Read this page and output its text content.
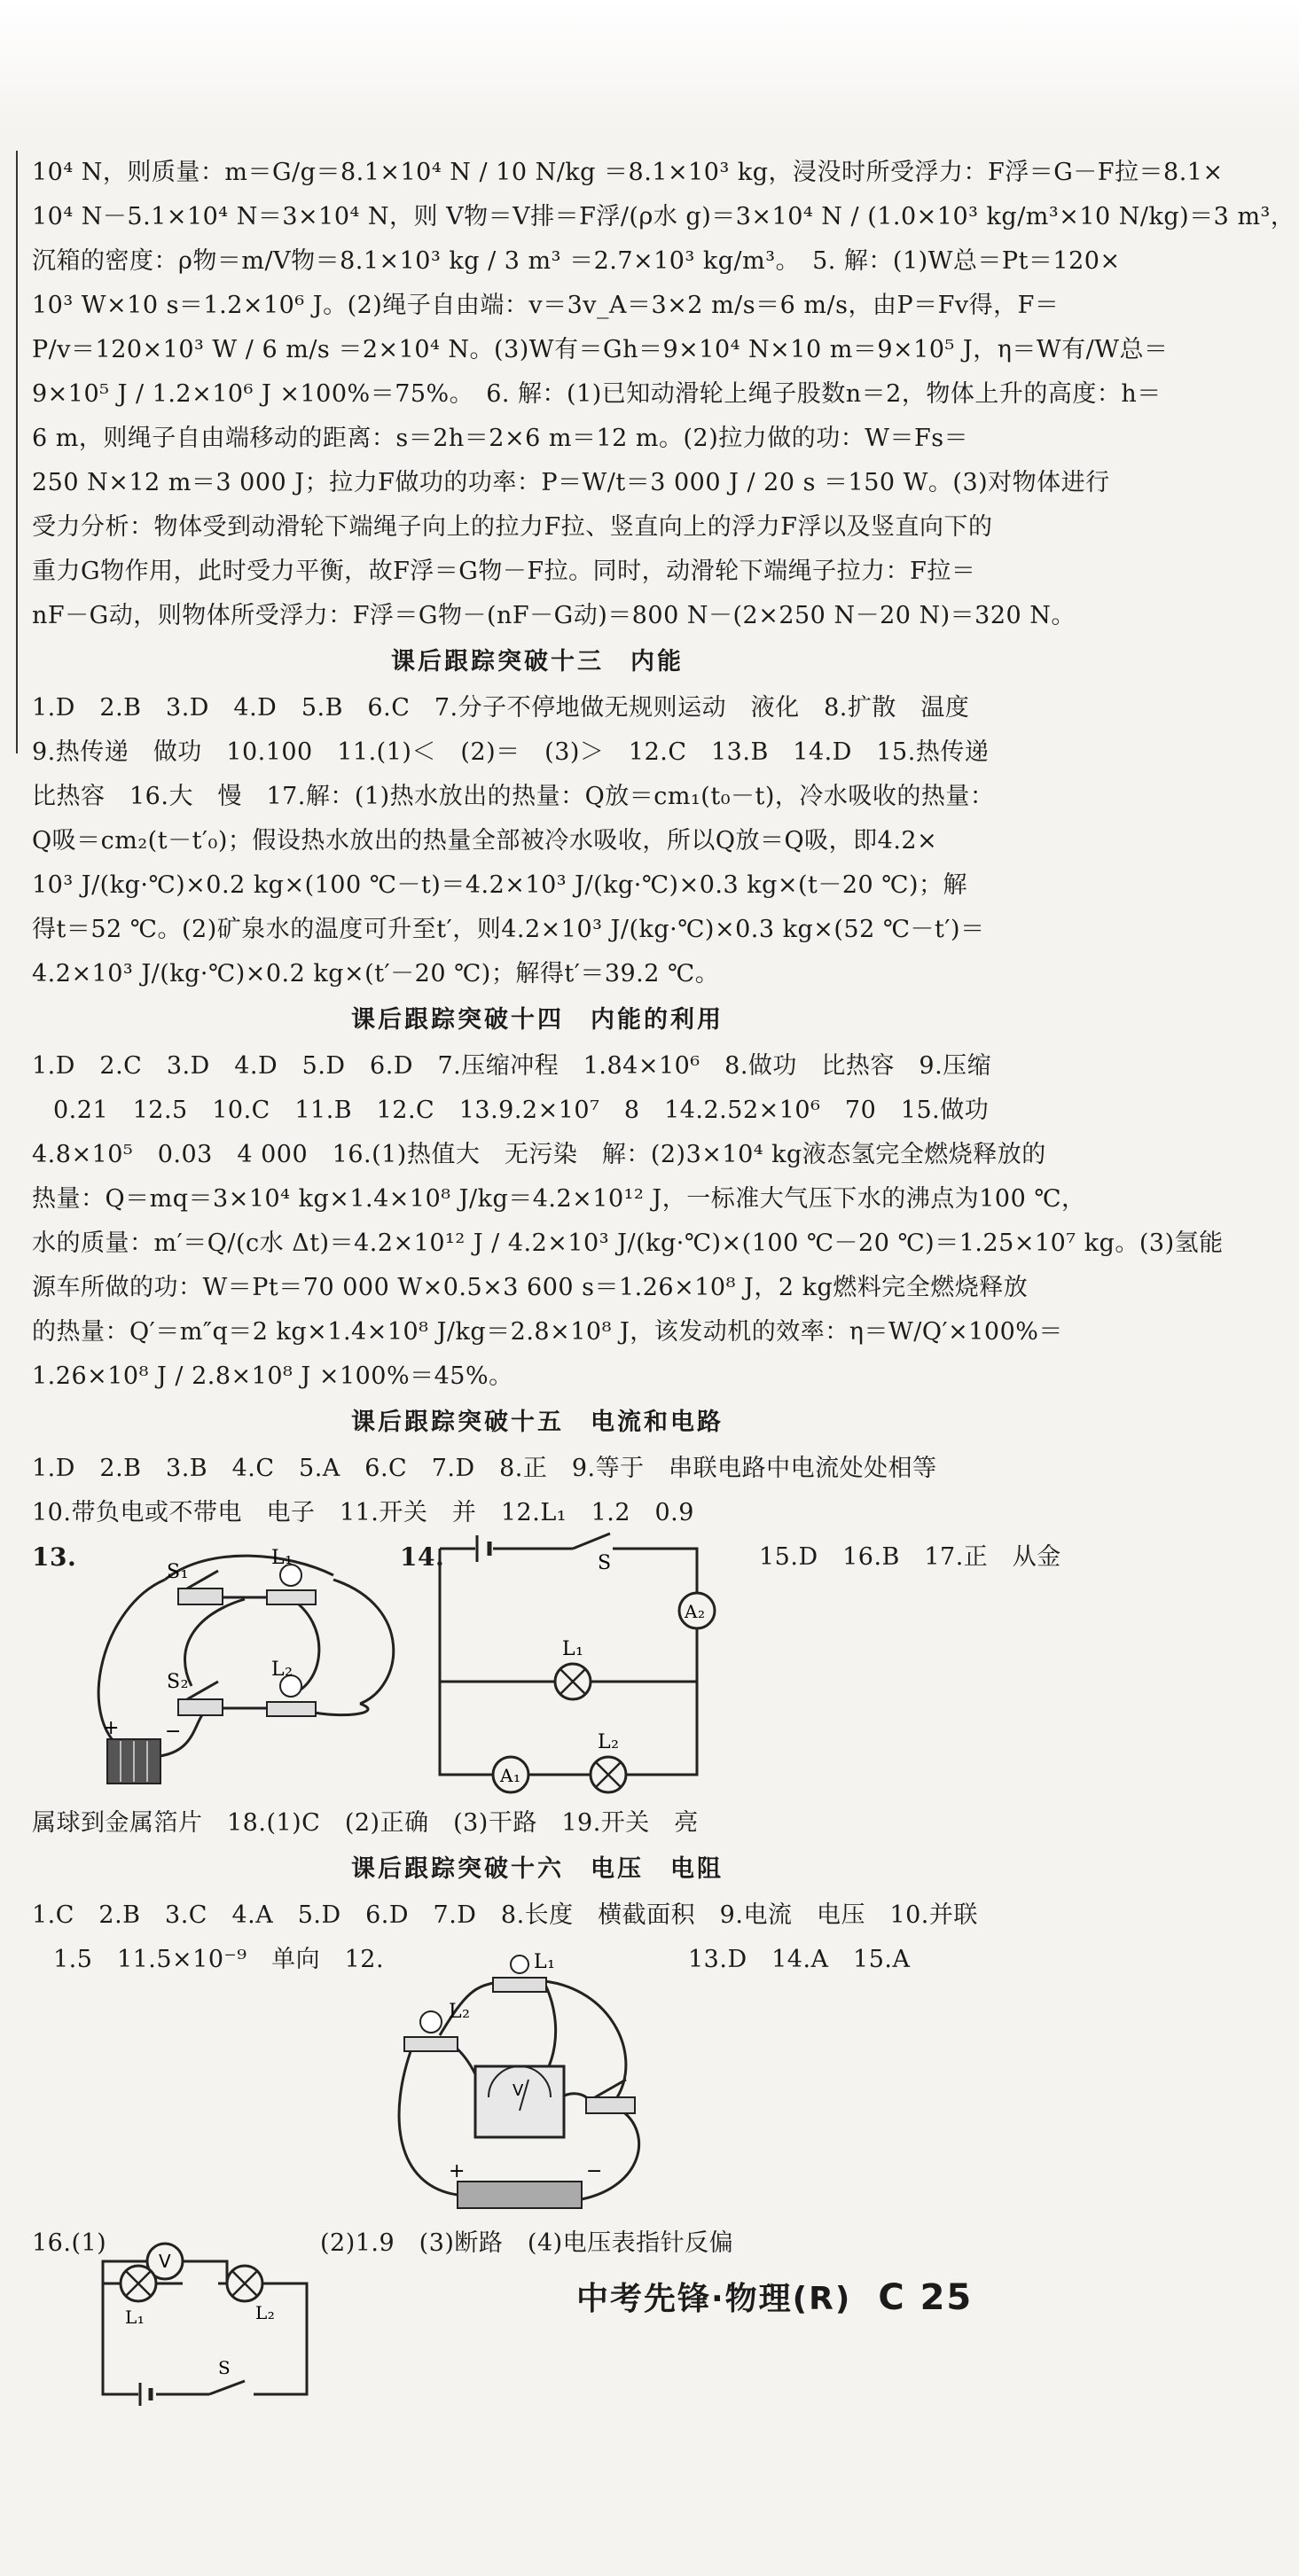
10⁴ N，则质量：m＝G/g＝8.1×10⁴ N / 10 N/kg ＝8.1×10³ kg，浸没时所受浮力：F浮＝G－F拉＝8.1×
10⁴ N－5.1×10⁴ N＝3×10⁴ N，则 V物＝V排＝F浮/(ρ水 g)＝3×10⁴ N / (1.0×10³ kg/m³×10 N/kg)＝3 m³，
沉箱的密度：ρ物＝m/V物＝8.1×10³ kg / 3 m³ ＝2.7×10³ kg/m³。　5. 解：(1)W总＝Pt＝120×
10³ W×10 s＝1.2×10⁶ J。(2)绳子自由端：v＝3v_A＝3×2 m/s＝6 m/s，由P＝Fv得，F＝
P/v＝120×10³ W / 6 m/s ＝2×10⁴ N。(3)W有＝Gh＝9×10⁴ N×10 m＝9×10⁵ J，η＝W有/W总＝
9×10⁵ J / 1.2×10⁶ J ×100%＝75%。　6. 解：(1)已知动滑轮上绳子股数n＝2，物体上升的高度：h＝
6 m，则绳子自由端移动的距离：s＝2h＝2×6 m＝12 m。(2)拉力做的功：W＝Fs＝
250 N×12 m＝3 000 J；拉力F做功的功率：P＝W/t＝3 000 J / 20 s ＝150 W。(3)对物体进行
受力分析：物体受到动滑轮下端绳子向上的拉力F拉、竖直向上的浮力F浮以及竖直向下的
重力G物作用，此时受力平衡，故F浮＝G物－F拉。同时，动滑轮下端绳子拉力：F拉＝
nF－G动，则物体所受浮力：F浮＝G物－(nF－G动)＝800 N－(2×250 N－20 N)＝320 N。
课后跟踪突破十三　内能
1.D　2.B　3.D　4.D　5.B　6.C　7.分子不停地做无规则运动　液化　8.扩散　温度
9.热传递　做功　10.100　11.(1)＜　(2)＝　(3)＞　12.C　13.B　14.D　15.热传递
比热容　16.大　慢　17.解：(1)热水放出的热量：Q放＝cm₁(t₀－t)，冷水吸收的热量：
Q吸＝cm₂(t－t′₀)；假设热水放出的热量全部被冷水吸收，所以Q放＝Q吸，即4.2×
10³ J/(kg·℃)×0.2 kg×(100 ℃－t)＝4.2×10³ J/(kg·℃)×0.3 kg×(t－20 ℃)；解
得t＝52 ℃。(2)矿泉水的温度可升至t′，则4.2×10³ J/(kg·℃)×0.3 kg×(52 ℃－t′)＝
4.2×10³ J/(kg·℃)×0.2 kg×(t′－20 ℃)；解得t′＝39.2 ℃。
课后跟踪突破十四　内能的利用
1.D　2.C　3.D　4.D　5.D　6.D　7.压缩冲程　1.84×10⁶　8.做功　比热容　9.压缩
0.21　12.5　10.C　11.B　12.C　13.9.2×10⁷　8　14.2.52×10⁶　70　15.做功
4.8×10⁵　0.03　4 000　16.(1)热值大　无污染　解：(2)3×10⁴ kg液态氢完全燃烧释放的
热量：Q＝mq＝3×10⁴ kg×1.4×10⁸ J/kg＝4.2×10¹² J，一标准大气压下水的沸点为100 ℃，
水的质量：m′＝Q/(c水 Δt)＝4.2×10¹² J / 4.2×10³ J/(kg·℃)×(100 ℃－20 ℃)＝1.25×10⁷ kg。(3)氢能
源车所做的功：W＝Pt＝70 000 W×0.5×3 600 s＝1.26×10⁸ J，2 kg燃料完全燃烧释放
的热量：Q′＝m″q＝2 kg×1.4×10⁸ J/kg＝2.8×10⁸ J，该发动机的效率：η＝W/Q′×100%＝
1.26×10⁸ J / 2.8×10⁸ J ×100%＝45%。
课后跟踪突破十五　电流和电路
1.D　2.B　3.B　4.C　5.A　6.C　7.D　8.正　9.等于　串联电路中电流处处相等
10.带负电或不带电　电子　11.开关　并　12.L₁　1.2　0.9
13.
S₁
L₁
S₂
L₂
+ −
14.
A₁
A₂
S
L₁
L₂
15.D　16.B　17.正　从金
属球到金属箔片　18.(1)C　(2)正确　(3)干路　19.开关　亮
课后跟踪突破十六　电压　电阻
1.C　2.B　3.C　4.A　5.D　6.D　7.D　8.长度　横截面积　9.电流　电压　10.并联
1.5　11.5×10⁻⁹　单向　12.	13.D　14.A　15.A
L₂
L₁
V
+	−
16.(1)	(2)1.9　(3)断路　(4)电压表指针反偏
V
L₁	L₂
S
中考先锋·物理(R) C 25
